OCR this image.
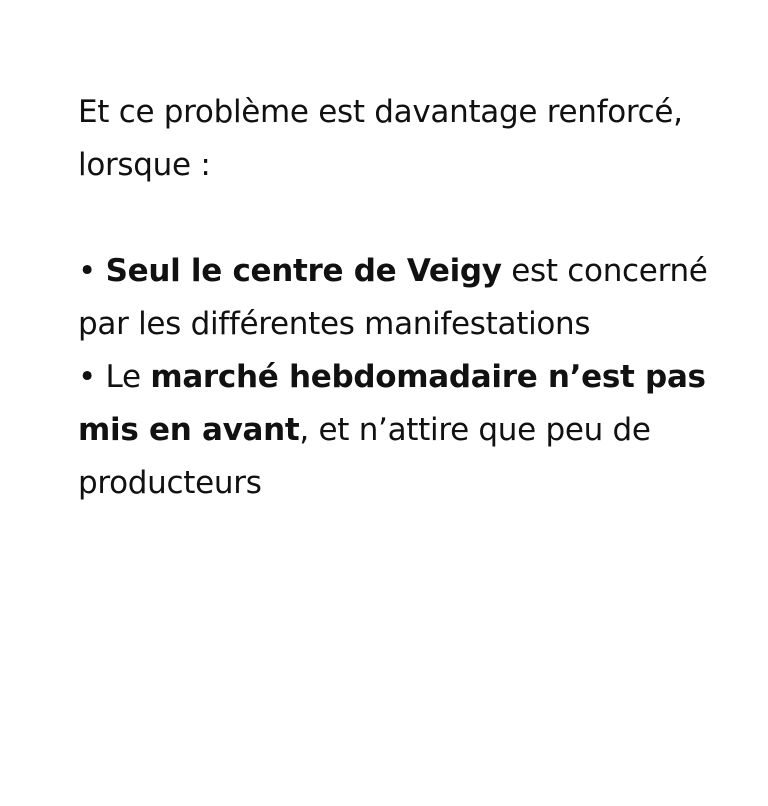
Et ce problème est davantage renforcé,
lorsque :
• Seul le centre de Veigy est concerné
par les différentes manifestations
• Le marché hebdomadaire n’est pas
mis en avant, et n’attire que peu de
producteurs
